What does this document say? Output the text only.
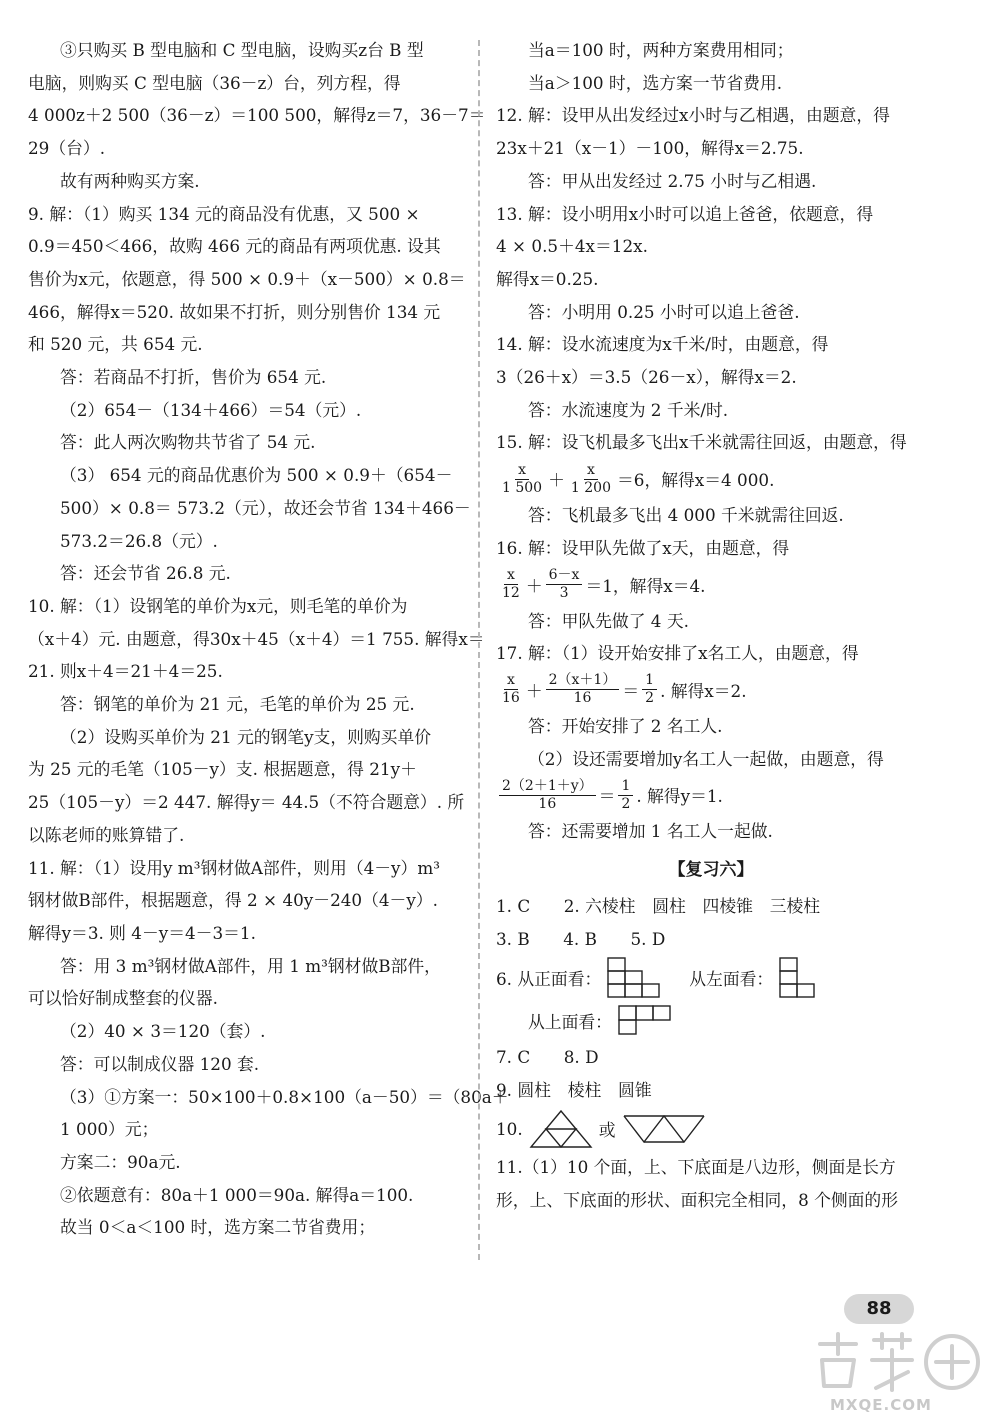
③只购买 B 型电脑和 C 型电脑，设购买z台 B 型
电脑，则购买 C 型电脑（36－z）台，列方程，得
4 000z＋2 500（36－z）＝100 500，解得z＝7，36－7＝
29（台）.
故有两种购买方案.
9. 解：（1）购买 134 元的商品没有优惠，又 500 ×
0.9＝450＜466，故购 466 元的商品有两项优惠. 设其
售价为x元，依题意，得 500 × 0.9＋（x－500）× 0.8＝
466，解得x＝520. 故如果不打折，则分别售价 134 元
和 520 元，共 654 元.
答：若商品不打折，售价为 654 元.
（2）654－（134＋466）＝54（元）.
答：此人两次购物共节省了 54 元.
（3） 654 元的商品优惠价为 500 × 0.9＋（654－
500）× 0.8＝ 573.2（元），故还会节省 134＋466－
573.2＝26.8（元）.
答：还会节省 26.8 元.
10. 解：（1）设钢笔的单价为x元，则毛笔的单价为
（x＋4）元. 由题意，得30x＋45（x＋4）＝1 755. 解得x＝
21. 则x＋4＝21＋4＝25.
答：钢笔的单价为 21 元，毛笔的单价为 25 元.
（2）设购买单价为 21 元的钢笔y支，则购买单价
为 25 元的毛笔（105－y）支. 根据题意，得 21y＋
25（105－y）＝2 447. 解得y＝ 44.5（不符合题意）. 所
以陈老师的账算错了.
11. 解：（1）设用y m³钢材做A部件，则用（4－y）m³
钢材做B部件，根据题意，得 2 × 40y－240（4－y）.
解得y＝3. 则 4－y＝4－3＝1.
答：用 3 m³钢材做A部件，用 1 m³钢材做B部件，
可以恰好制成整套的仪器.
（2）40 × 3＝120（套）.
答：可以制成仪器 120 套.
（3）①方案一：50×100＋0.8×100（a－50）＝（80a＋
1 000）元；
方案二：90a元.
②依题意有：80a＋1 000＝90a. 解得a＝100.
故当 0＜a＜100 时，选方案二节省费用；
当a＝100 时，两种方案费用相同；
当a＞100 时，选方案一节省费用.
12. 解：设甲从出发经过x小时与乙相遇，由题意，得
23x＋21（x－1）－100，解得x＝2.75.
答：甲从出发经过 2.75 小时与乙相遇.
13. 解：设小明用x小时可以追上爸爸，依题意，得
4 × 0.5＋4x＝12x.
解得x＝0.25.
答：小明用 0.25 小时可以追上爸爸.
14. 解：设水流速度为x千米/时，由题意，得
3（26＋x）＝3.5（26－x），解得x＝2.
答：水流速度为 2 千米/时.
15. 解：设飞机最多飞出x千米就需往回返，由题意，得
$\frac{x}{1 500} + \frac{x}{1 200} =6$，解得x＝4 000.
答：飞机最多飞出 4 000 千米就需往回返.
16. 解：设甲队先做了x天，由题意，得
$\frac{x}{12} + \frac{6-x}{3} =1$，解得x＝4.
答：甲队先做了 4 天.
17. 解：（1）设开始安排了x名工人，由题意，得
$\frac{x}{16} + \frac{2(x+1)}{16} = \frac{1}{2}$ . 解得x＝2.
答：开始安排了 2 名工人.
（2）设还需要增加y名工人一起做，由题意，得
$\frac{2(2+1+y)}{16} = \frac{1}{2}$ . 解得y＝1.
答：还需要增加 1 名工人一起做.
【复习六】
1. C　　2. 六棱柱　圆柱　四棱锥　三棱柱
3. B　　4. B　　5. D
6. 从正面看：	从左面看：
从上面看：
7. C　　8. D
9. 圆柱　棱柱　圆锥
10.	或
11.（1）10 个面，上、下底面是八边形，侧面是长方
形，上、下底面的形状、面积完全相同，8 个侧面的形
88
MXQE.COM
